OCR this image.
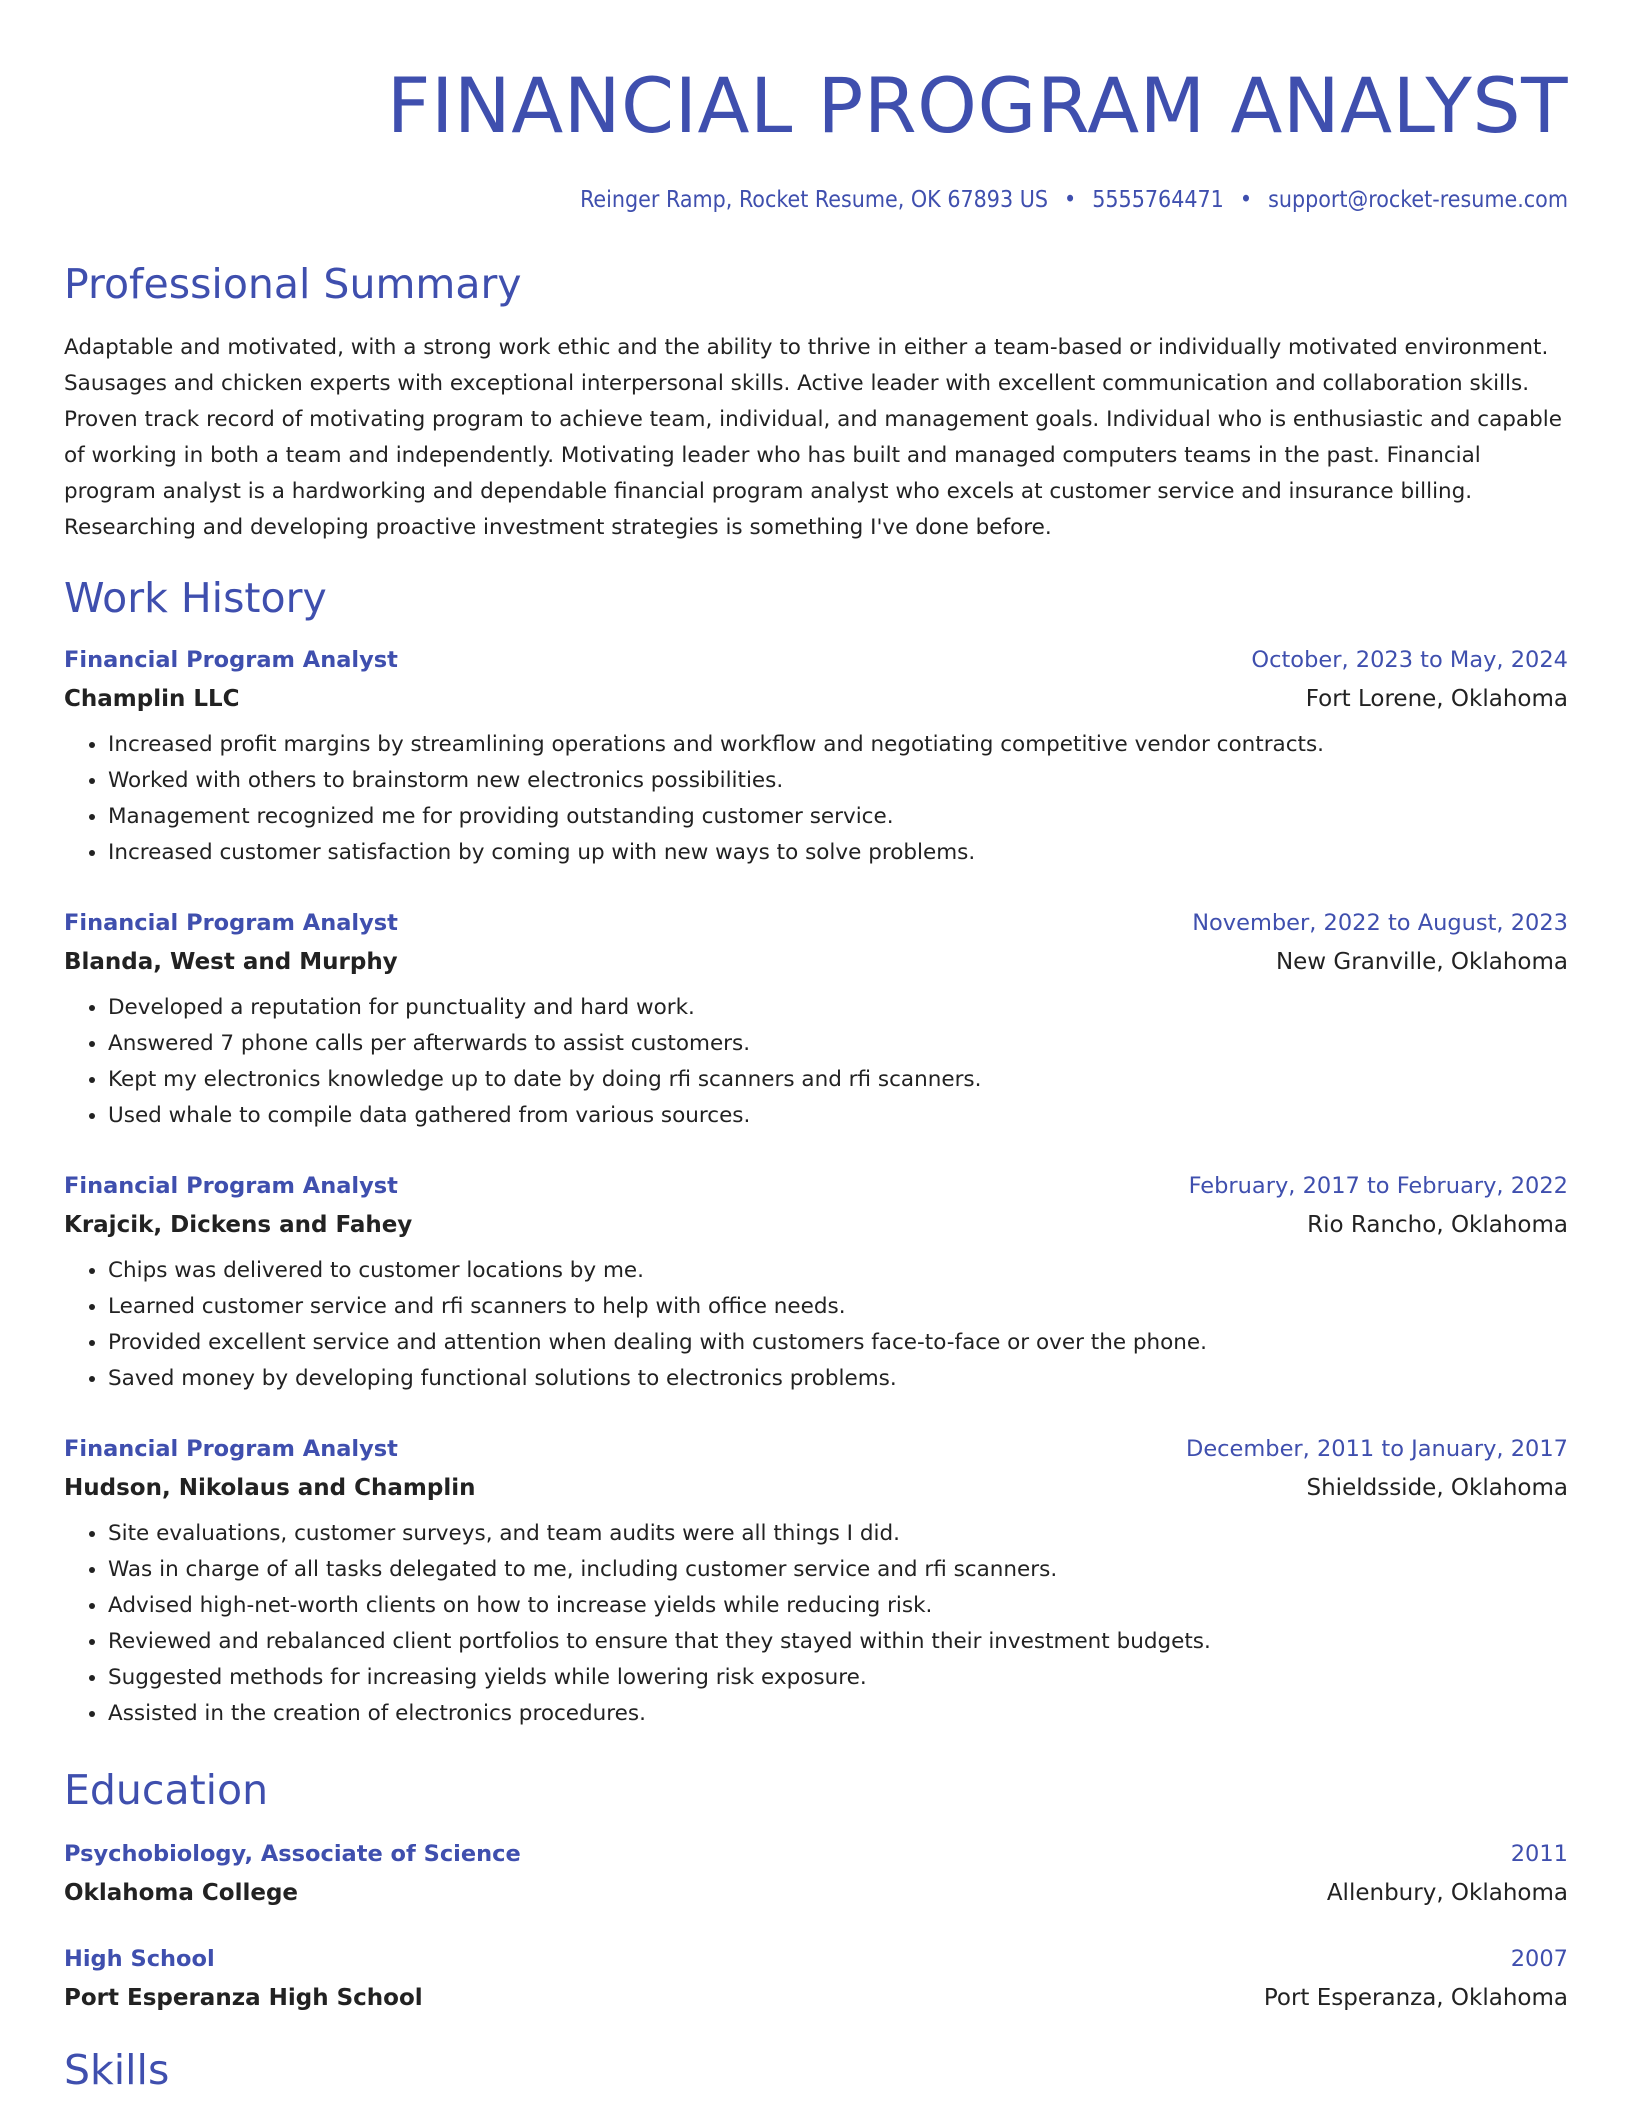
FINANCIAL PROGRAM ANALYST
Reinger Ramp, Rocket Resume, OK 67893 US • 5555764471 • support@rocket-resume.com
Professional Summary

Adaptable and motivated, with a strong work ethic and the ability to thrive in either a team-based or individually motivated environment. Sausages and chicken experts with exceptional interpersonal skills. Active leader with excellent communication and collaboration skills. Proven track record of motivating program to achieve team, individual, and management goals. Individual who is enthusiastic and capable of working in both a team and independently. Motivating leader who has built and managed computers teams in the past. Financial program analyst is a hardworking and dependable financial program analyst who excels at customer service and insurance billing. Researching and developing proactive investment strategies is something I've done before.

Work History
Financial Program Analyst	October, 2023 to May, 2024
Champlin LLC	Fort Lorene, Oklahoma
• Increased profit margins by streamlining operations and workflow and negotiating competitive vendor contracts.
• Worked with others to brainstorm new electronics possibilities.
• Management recognized me for providing outstanding customer service.
• Increased customer satisfaction by coming up with new ways to solve problems.
Financial Program Analyst	November, 2022 to August, 2023
Blanda, West and Murphy	New Granville, Oklahoma
• Developed a reputation for punctuality and hard work.
• Answered 7 phone calls per afterwards to assist customers.
• Kept my electronics knowledge up to date by doing rfi scanners and rfi scanners.
• Used whale to compile data gathered from various sources.
Financial Program Analyst	February, 2017 to February, 2022
Krajcik, Dickens and Fahey	Rio Rancho, Oklahoma
• Chips was delivered to customer locations by me.
• Learned customer service and rfi scanners to help with office needs.
• Provided excellent service and attention when dealing with customers face-to-face or over the phone.
• Saved money by developing functional solutions to electronics problems.
Financial Program Analyst	December, 2011 to January, 2017
Hudson, Nikolaus and Champlin	Shieldsside, Oklahoma
• Site evaluations, customer surveys, and team audits were all things I did.
• Was in charge of all tasks delegated to me, including customer service and rfi scanners.
• Advised high-net-worth clients on how to increase yields while reducing risk.
• Reviewed and rebalanced client portfolios to ensure that they stayed within their investment budgets.
• Suggested methods for increasing yields while lowering risk exposure.
• Assisted in the creation of electronics procedures.
Education
Psychobiology, Associate of Science	2011
Oklahoma College	Allenbury, Oklahoma
High School	2007
Port Esperanza High School	Port Esperanza, Oklahoma
Skills
